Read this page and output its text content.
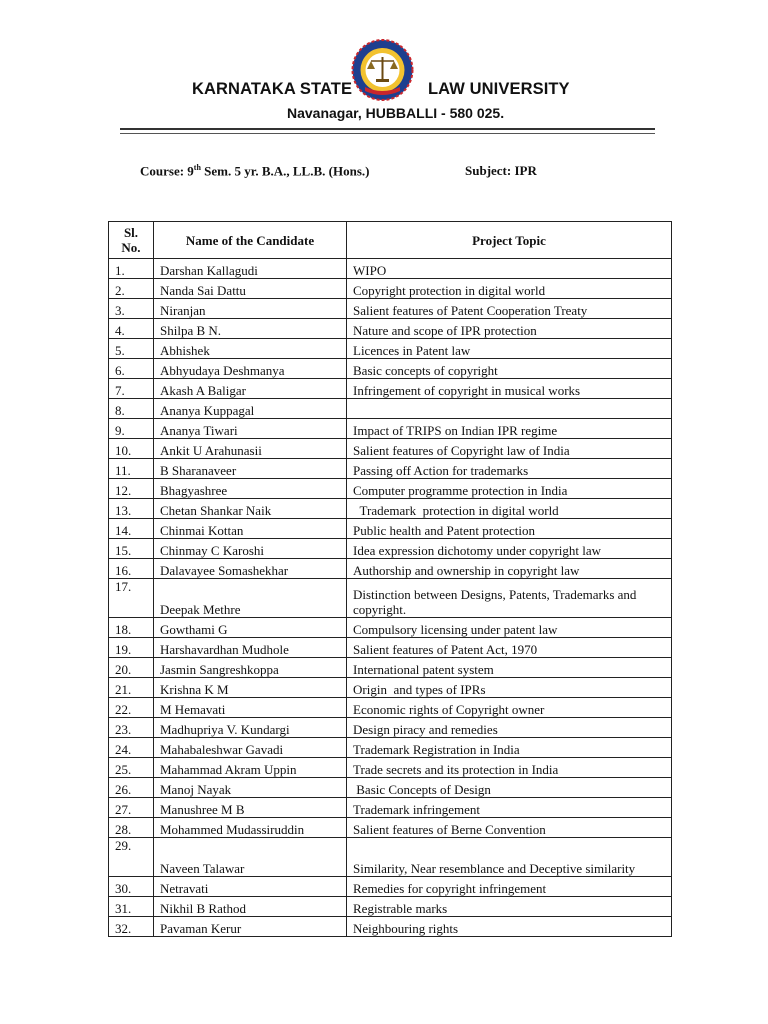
KARNATAKA STATE	LAW UNIVERSITY
Navanagar, HUBBALLI - 580 025.
Course: 9th Sem. 5 yr. B.A., LL.B. (Hons.)	Subject: IPR
Sl. No.	Name of the Candidate	Project Topic
1.	Darshan Kallagudi	WIPO
2.	Nanda Sai Dattu	Copyright protection in digital world
3.	Niranjan	Salient features of Patent Cooperation Treaty
4.	Shilpa B N.	Nature and scope of IPR protection
5.	Abhishek	Licences in Patent law
6.	Abhyudaya Deshmanya	Basic concepts of copyright
7.	Akash A Baligar	Infringement of copyright in musical works
8.	Ananya Kuppagal	
9.	Ananya Tiwari	Impact of TRIPS on Indian IPR regime
10.	Ankit U Arahunasii	Salient features of Copyright law of India
11.	B Sharanaveer	Passing off Action for trademarks
12.	Bhagyashree	Computer programme protection in India
13.	Chetan Shankar Naik	Trademark  protection in digital world
14.	Chinmai Kottan	Public health and Patent protection
15.	Chinmay C Karoshi	Idea expression dichotomy under copyright law
16.	Dalavayee Somashekhar	Authorship and ownership in copyright law
17.	Deepak Methre	Distinction between Designs, Patents, Trademarks and copyright.
18.	Gowthami G	Compulsory licensing under patent law
19.	Harshavardhan Mudhole	Salient features of Patent Act, 1970
20.	Jasmin Sangreshkoppa	International patent system
21.	Krishna K M	Origin  and types of IPRs
22.	M Hemavati	Economic rights of Copyright owner
23.	Madhupriya V. Kundargi	Design piracy and remedies
24.	Mahabaleshwar Gavadi	Trademark Registration in India
25.	Mahammad Akram Uppin	Trade secrets and its protection in India
26.	Manoj Nayak	Basic Concepts of Design
27.	Manushree M B	Trademark infringement
28.	Mohammed Mudassiruddin	Salient features of Berne Convention
29.	Naveen Talawar	Similarity, Near resemblance and Deceptive similarity
30.	Netravati	Remedies for copyright infringement
31.	Nikhil B Rathod	Registrable marks
32.	Pavaman Kerur	Neighbouring rights
